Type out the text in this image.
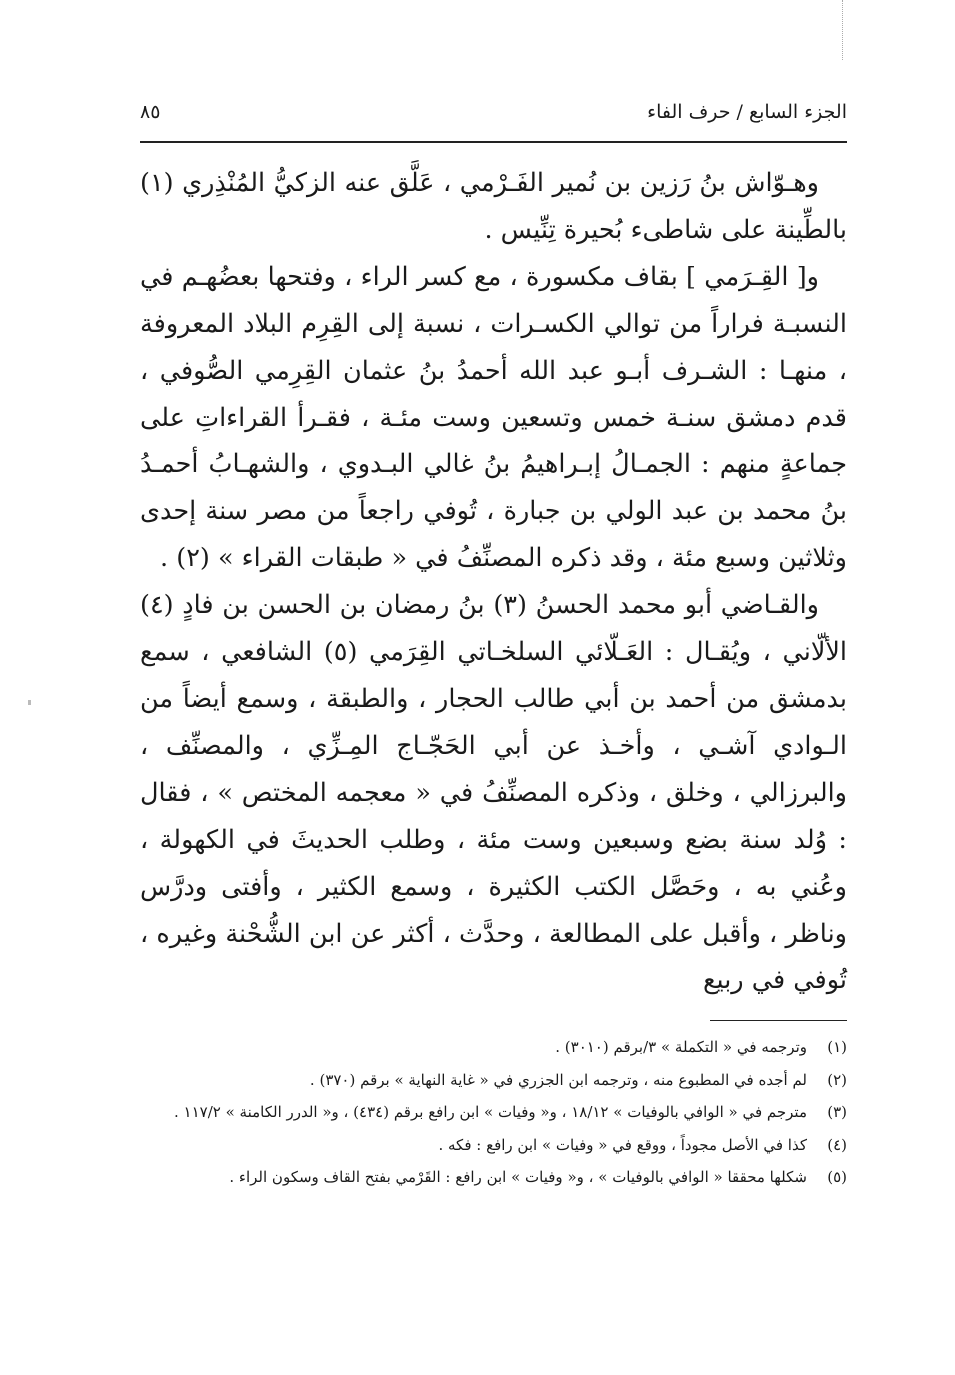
الجزء السابع / حرف الفاء
٨٥

وهـوّاش بنُ رَزين بن نُمير الفَـرْمي ، عَلَّق عنه الزكيُّ المُنْذِري (١) بالطِّينة على شاطىء بُحيرة تِنِّيس .

و[ القِـرَمي ] بقاف مكسورة ، مع كسر الراء ، وفتحها بعضُهـم في النسبـة فراراً من توالي الكسـرات ، نسبة إلى القِرِم البلاد المعروفة ، منهـا : الشـرف أبـو عبد الله أحمدُ بنُ عثمان القِرِمي الصُّوفي ، قدم دمشق سنـة خمس وتسعين وست مئـة ، فقـرأ القراءاتِ على جماعةٍ منهم : الجمـالُ إبـراهيمُ بنُ غالي البـدوي ، والشهـابُ أحمـدُ بنُ محمد بن عبد الولي بن جبارة ، تُوفي راجعاً من مصر سنة إحدى وثلاثين وسبع مئة ، وقد ذكره المصنِّفُ في « طبقات القراء » (٢) .

والقـاضي أبو محمد الحسنُ (٣) بنُ رمضان بن الحسن بن فادٍ (٤) الألّاني ، ويُقـال : العَـلّائي السلخـاتي القِرَمي (٥) الشافعي ، سمع بدمشق من أحمد بن أبي طالب الحجار ، والطبقة ، وسمع أيضاً من الـوادي آشـي ، وأخـذ عن أبي الحَجّـاج المِـزِّي ، والمصنِّف ، والبرزالي ، وخلق ، وذكره المصنِّفُ في « معجمه المختص » ، فقال : وُلد سنة بضع وسبعين وست مئة ، وطلب الحديثَ في الكهولة ، وعُني به ، وحَصَّل الكتب الكثيرة ، وسمع الكثير ، وأفتى ودرَّس وناظر ، وأقبل على المطالعة ، وحدَّث ، أكثر عن ابن الشُّحْنة وغيره ، تُوفي في ربيع

(١)
وترجمه في « التكملة » ٣/برقم (٣٠١٠) .
(٢)
لم أجده في المطبوع منه ، وترجمه ابن الجزري في « غاية النهاية » برقم (٣٧٠) .
(٣)
مترجم في « الوافي بالوفيات » ١٨/١٢ ، و« وفيات » ابن رافع برقم (٤٣٤) ، و« الدرر الكامنة » ١١٧/٢ .
(٤)
كذا في الأصل مجوداً ، ووقع في « وفيات » ابن رافع : فكه .
(٥)
شكلها محققا « الوافي بالوفيات » ، و« وفيات » ابن رافع : القَرْمي بفتح القاف وسكون الراء .
